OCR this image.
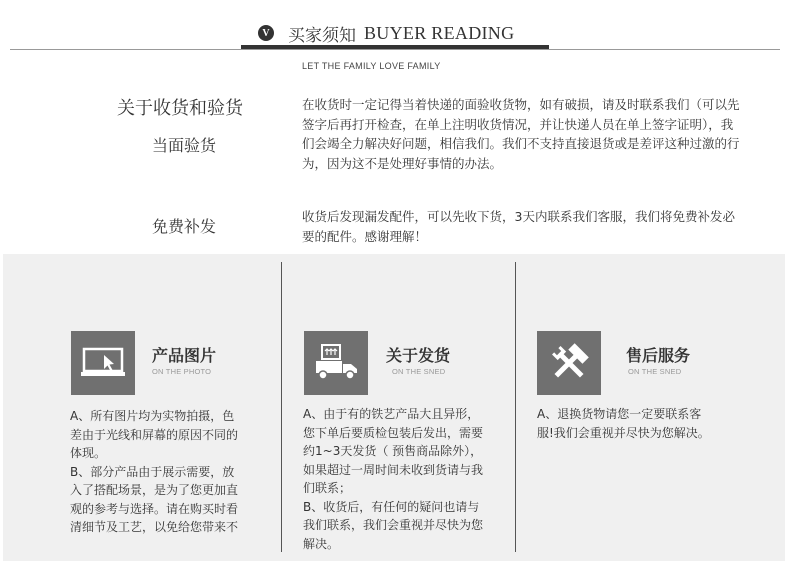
V 买家须知 BUYER READING
LET THE FAMILY LOVE FAMILY
关于收货和验货
当面验货
在收货时一定记得当着快递的面验收货物，如有破损，请及时联系我们（可以先签字后再打开检查，在单上注明收货情况，并让快递人员在单上签字证明），我们会竭全力解决好问题，相信我们。我们不支持直接退货或是差评这种过激的行为，因为这不是处理好事情的办法。
免费补发
收货后发现漏发配件，可以先收下货，3天内联系我们客服，我们将免费补发必要的配件。感谢理解！
产品图片
ON THE PHOTO
A、所有图片均为实物拍摄，色
差由于光线和屏幕的原因不同的
体现。
B、部分产品由于展示需要，放
入了搭配场景，是为了您更加直
观的参考与选择。请在购买时看
清细节及工艺，以免给您带来不
关于发货
ON THE SNED
A、由于有的铁艺产品大且异形，
您下单后要质检包装后发出，需要
约1~3天发货（ 预售商品除外），
如果超过一周时间未收到货请与我
们联系；
B、收货后，有任何的疑问也请与
我们联系，我们会重视并尽快为您
解决。
售后服务
ON THE SNED
A、退换货物请您一定要联系客
服!我们会重视并尽快为您解决。
